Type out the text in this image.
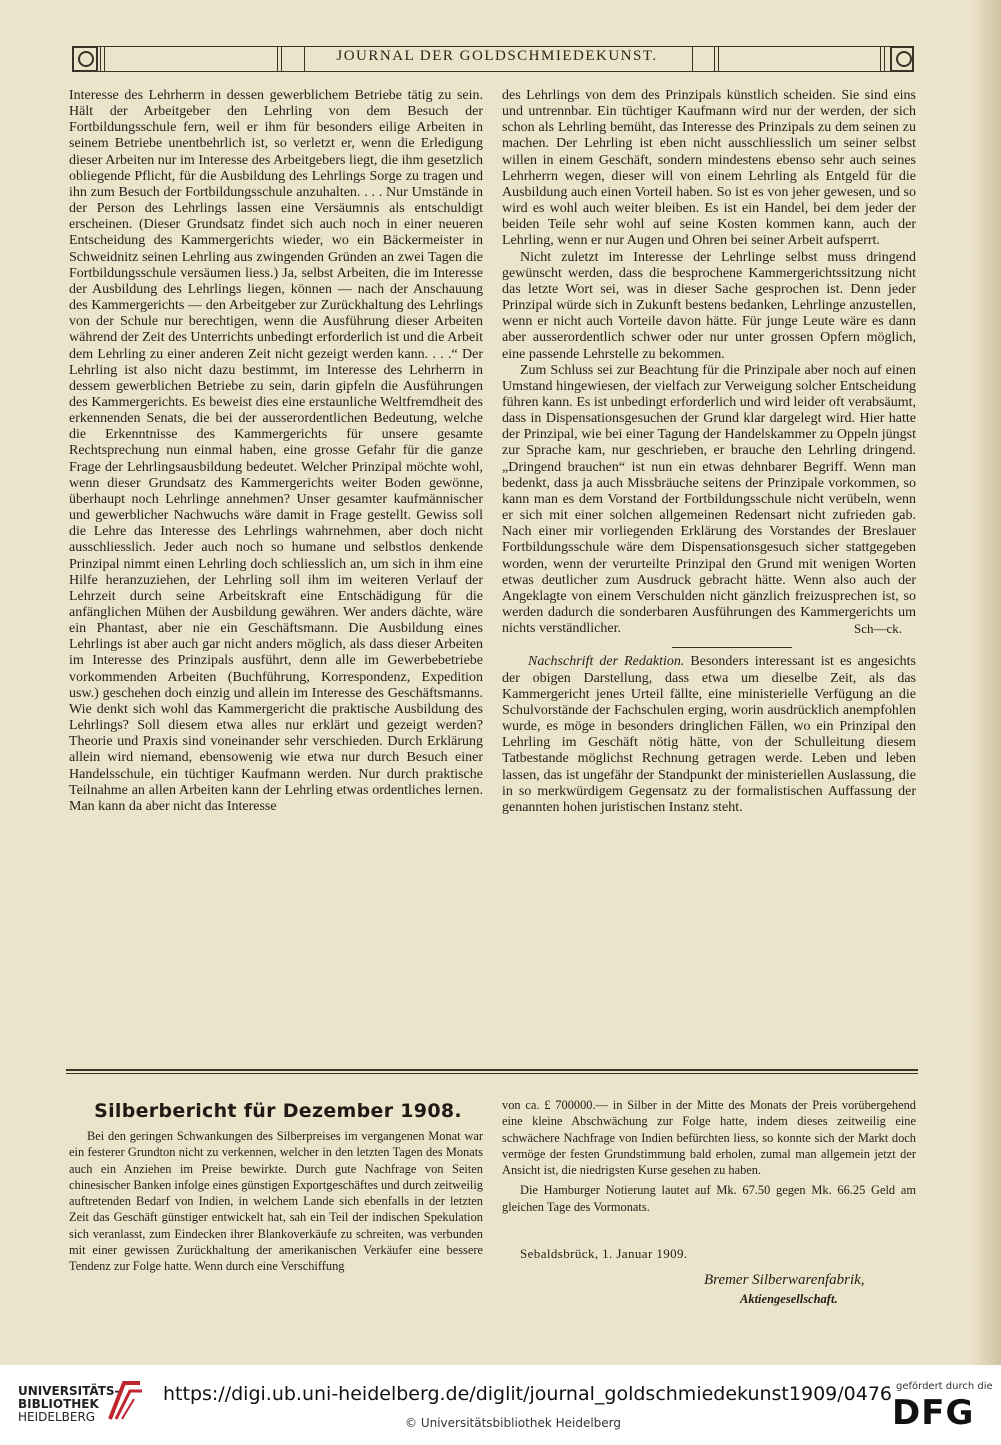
JOURNAL DER GOLDSCHMIEDEKUNST.

Interesse des Lehrherrn in dessen gewerblichem Betriebe tätig zu sein. Hält der Arbeitgeber den Lehrling von dem Besuch der Fortbildungsschule fern, weil er ihm für besonders eilige Arbeiten in seinem Betriebe unentbehrlich ist, so verletzt er, wenn die Erledigung dieser Arbeiten nur im Interesse des Arbeitgebers liegt, die ihm gesetzlich obliegende Pflicht, für die Ausbildung des Lehrlings Sorge zu tragen und ihn zum Besuch der Fortbildungsschule anzuhalten. . . . Nur Umstände in der Person des Lehrlings lassen eine Versäumnis als entschuldigt erscheinen. (Dieser Grundsatz findet sich auch noch in einer neueren Entscheidung des Kammergerichts wieder, wo ein Bäckermeister in Schweidnitz seinen Lehrling aus zwingenden Gründen an zwei Tagen die Fortbildungsschule versäumen liess.) Ja, selbst Arbeiten, die im Interesse der Ausbildung des Lehrlings liegen, können — nach der Anschauung des Kammergerichts — den Arbeitgeber zur Zurückhaltung des Lehrlings von der Schule nur berechtigen, wenn die Ausführung dieser Arbeiten während der Zeit des Unterrichts unbedingt erforderlich ist und die Arbeit dem Lehrling zu einer anderen Zeit nicht gezeigt werden kann. . . .“ Der Lehrling ist also nicht dazu bestimmt, im Interesse des Lehrherrn in dessem gewerblichen Betriebe zu sein, darin gipfeln die Ausführungen des Kammergerichts. Es beweist dies eine erstaunliche Weltfremdheit des erkennenden Senats, die bei der ausserordentlichen Bedeutung, welche die Erkenntnisse des Kammergerichts für unsere gesamte Rechtsprechung nun einmal haben, eine grosse Gefahr für die ganze Frage der Lehrlingsausbildung bedeutet. Welcher Prinzipal möchte wohl, wenn dieser Grundsatz des Kammergerichts weiter Boden gewönne, überhaupt noch Lehrlinge annehmen? Unser gesamter kaufmännischer und gewerblicher Nachwuchs wäre damit in Frage gestellt. Gewiss soll die Lehre das Interesse des Lehrlings wahrnehmen, aber doch nicht ausschliesslich. Jeder auch noch so humane und selbstlos denkende Prinzipal nimmt einen Lehrling doch schliesslich an, um sich in ihm eine Hilfe heranzuziehen, der Lehrling soll ihm im weiteren Verlauf der Lehrzeit durch seine Arbeitskraft eine Entschädigung für die anfänglichen Mühen der Ausbildung gewähren. Wer anders dächte, wäre ein Phantast, aber nie ein Geschäftsmann. Die Ausbildung eines Lehrlings ist aber auch gar nicht anders möglich, als dass dieser Arbeiten im Interesse des Prinzipals ausführt, denn alle im Gewerbebetriebe vorkommenden Arbeiten (Buchführung, Korrespondenz, Expedition usw.) geschehen doch einzig und allein im Interesse des Geschäftsmanns. Wie denkt sich wohl das Kammergericht die praktische Ausbildung des Lehrlings? Soll diesem etwa alles nur erklärt und gezeigt werden? Theorie und Praxis sind voneinander sehr verschieden. Durch Erklärung allein wird niemand, ebensowenig wie etwa nur durch Besuch einer Handelsschule, ein tüchtiger Kaufmann werden. Nur durch praktische Teilnahme an allen Arbeiten kann der Lehrling etwas ordentliches lernen. Man kann da aber nicht das Interesse

des Lehrlings von dem des Prinzipals künstlich scheiden. Sie sind eins und untrennbar. Ein tüchtiger Kaufmann wird nur der werden, der sich schon als Lehrling bemüht, das Interesse des Prinzipals zu dem seinen zu machen. Der Lehrling ist eben nicht ausschliesslich um seiner selbst willen in einem Geschäft, sondern mindestens ebenso sehr auch seines Lehrherrn wegen, dieser will von einem Lehrling als Entgeld für die Ausbildung auch einen Vorteil haben. So ist es von jeher gewesen, und so wird es wohl auch weiter bleiben. Es ist ein Handel, bei dem jeder der beiden Teile sehr wohl auf seine Kosten kommen kann, auch der Lehrling, wenn er nur Augen und Ohren bei seiner Arbeit aufsperrt.

Nicht zuletzt im Interesse der Lehrlinge selbst muss dringend gewünscht werden, dass die besprochene Kammergerichtssitzung nicht das letzte Wort sei, was in dieser Sache gesprochen ist. Denn jeder Prinzipal würde sich in Zukunft bestens bedanken, Lehrlinge anzustellen, wenn er nicht auch Vorteile davon hätte. Für junge Leute wäre es dann aber ausserordentlich schwer oder nur unter grossen Opfern möglich, eine passende Lehrstelle zu bekommen.

Zum Schluss sei zur Beachtung für die Prinzipale aber noch auf einen Umstand hingewiesen, der vielfach zur Verweigung solcher Entscheidung führen kann. Es ist unbedingt erforderlich und wird leider oft verabsäumt, dass in Dispensationsgesuchen der Grund klar dargelegt wird. Hier hatte der Prinzipal, wie bei einer Tagung der Handelskammer zu Oppeln jüngst zur Sprache kam, nur geschrieben, er brauche den Lehrling dringend. „Dringend brauchen“ ist nun ein etwas dehnbarer Begriff. Wenn man bedenkt, dass ja auch Missbräuche seitens der Prinzipale vorkommen, so kann man es dem Vorstand der Fortbildungsschule nicht verübeln, wenn er sich mit einer solchen allgemeinen Redensart nicht zufrieden gab. Nach einer mir vorliegenden Erklärung des Vorstandes der Breslauer Fortbildungsschule wäre dem Dispensationsgesuch sicher stattgegeben worden, wenn der verurteilte Prinzipal den Grund mit wenigen Worten etwas deutlicher zum Ausdruck gebracht hätte. Wenn also auch der Angeklagte von einem Verschulden nicht gänzlich freizusprechen ist, so werden dadurch die sonderbaren Ausführungen des Kammergerichts um nichts verständlicher.	Sch—ck.

Nachschrift der Redaktion. Besonders interessant ist es angesichts der obigen Darstellung, dass etwa um dieselbe Zeit, als das Kammergericht jenes Urteil fällte, eine ministerielle Verfügung an die Schulvorstände der Fachschulen erging, worin ausdrücklich anempfohlen wurde, es möge in besonders dringlichen Fällen, wo ein Prinzipal den Lehrling im Geschäft nötig hätte, von der Schulleitung diesem Tatbestande möglichst Rechnung getragen werde. Leben und leben lassen, das ist ungefähr der Standpunkt der ministeriellen Auslassung, die in so merkwürdigem Gegensatz zu der formalistischen Auffassung der genannten hohen juristischen Instanz steht.

Silberbericht für Dezember 1908.

Bei den geringen Schwankungen des Silberpreises im vergangenen Monat war ein festerer Grundton nicht zu verkennen, welcher in den letzten Tagen des Monats auch ein Anziehen im Preise bewirkte. Durch gute Nachfrage von Seiten chinesischer Banken infolge eines günstigen Exportgeschäftes und durch zeitweilig auftretenden Bedarf von Indien, in welchem Lande sich ebenfalls in der letzten Zeit das Geschäft günstiger entwickelt hat, sah ein Teil der indischen Spekulation sich veranlasst, zum Eindecken ihrer Blankoverkäufe zu schreiten, was verbunden mit einer gewissen Zurückhaltung der amerikanischen Verkäufer eine bessere Tendenz zur Folge hatte. Wenn durch eine Verschiffung

von ca. £ 700000.— in Silber in der Mitte des Monats der Preis vorübergehend eine kleine Abschwächung zur Folge hatte, indem dieses zeitweilig eine schwächere Nachfrage von Indien befürchten liess, so konnte sich der Markt doch vermöge der festen Grundstimmung bald erholen, zumal man allgemein jetzt der Ansicht ist, die niedrigsten Kurse gesehen zu haben.

Die Hamburger Notierung lautet auf Mk. 67.50 gegen Mk. 66.25 Geld am gleichen Tage des Vormonats.

Sebaldsbrück, 1. Januar 1909.
Bremer Silberwarenfabrik,
Aktiengesellschaft.
UNIVERSITÄTS-
BIBLIOTHEK
HEIDELBERG
https://digi.ub.uni-heidelberg.de/diglit/journal_goldschmiedekunst1909/0476
© Universitätsbibliothek Heidelberg
gefördert durch die
DFG
